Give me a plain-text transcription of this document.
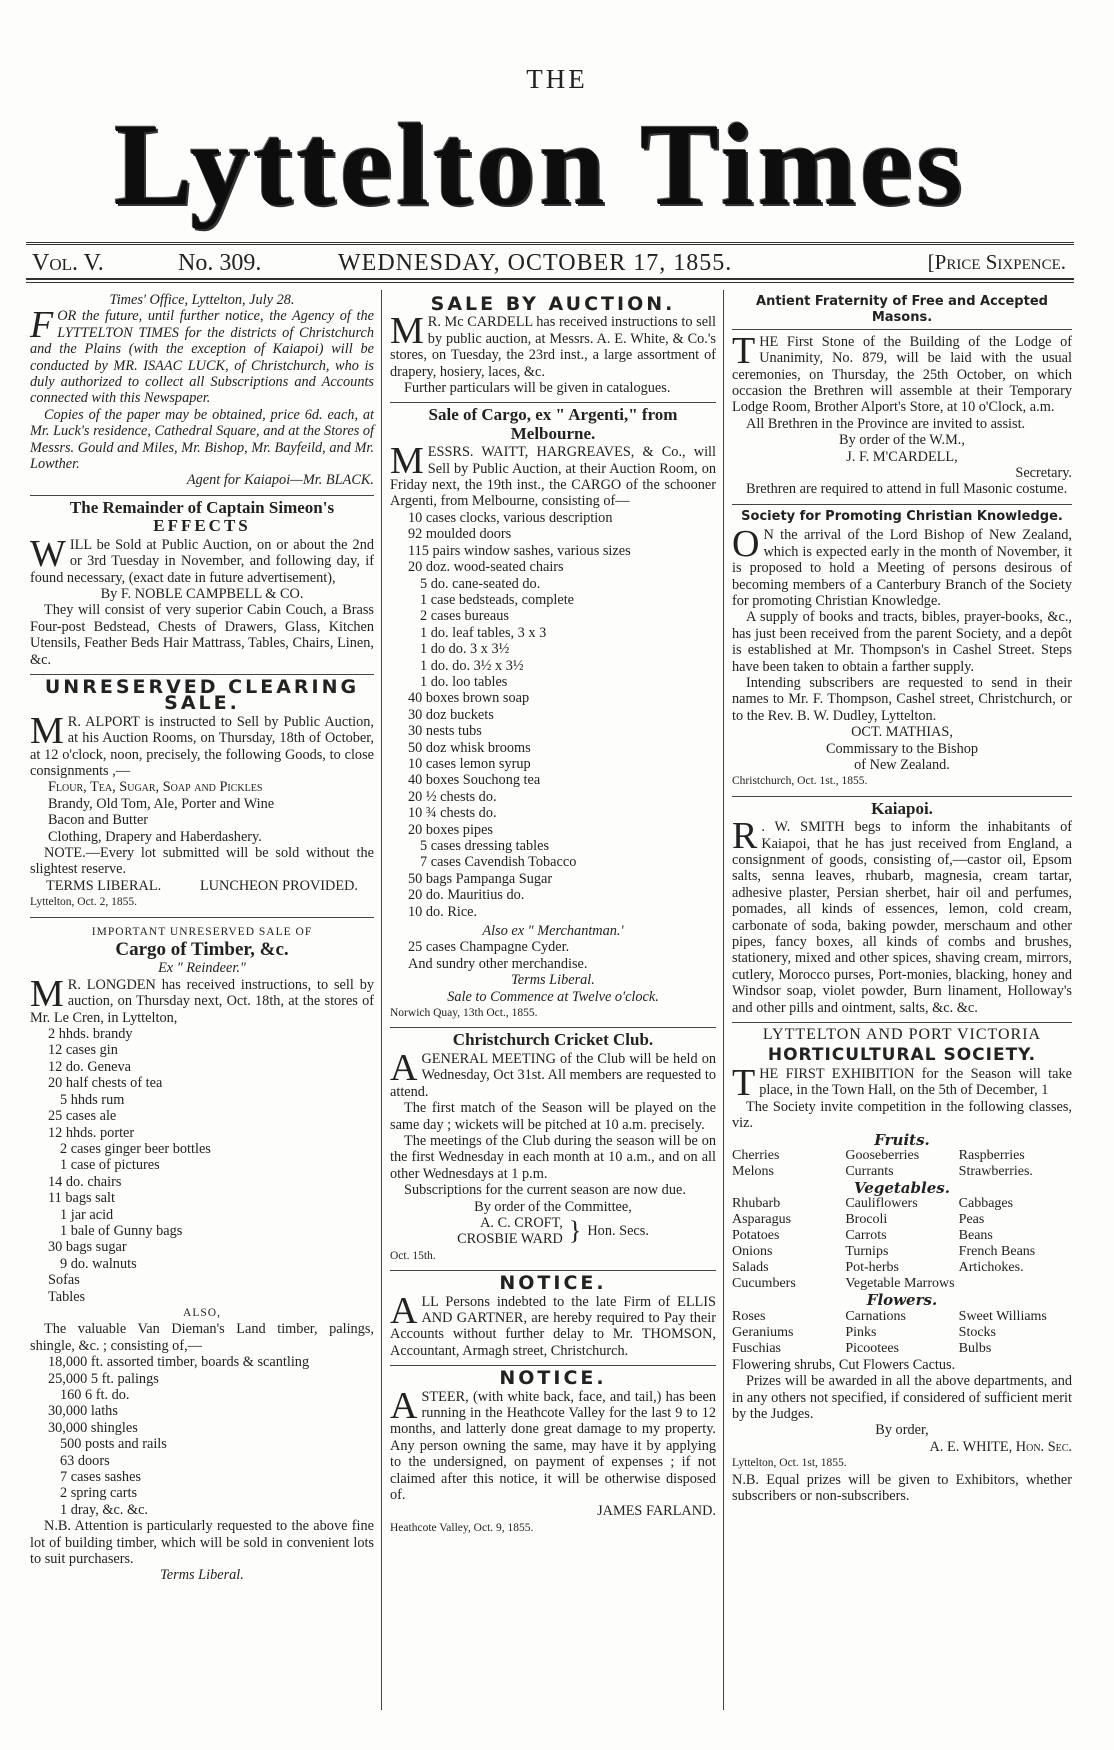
THE
Lyttelton Times
Vol. V.	No. 309.	WEDNESDAY, OCTOBER 17, 1855.	[Price Sixpence.

Times' Office, Lyttelton, July 28.

FOR the future, until further notice, the Agency of the LYTTELTON TIMES for the districts of Christchurch and the Plains (with the exception of Kaiapoi) will be conducted by MR. ISAAC LUCK, of Christchurch, who is duly authorized to collect all Subscriptions and Accounts connected with this Newspaper.

Copies of the paper may be obtained, price 6d. each, at Mr. Luck's residence, Cathedral Square, and at the Stores of Messrs. Gould and Miles, Mr. Bishop, Mr. Bayfeild, and Mr. Lowther.

Agent for Kaiapoi—Mr. BLACK.

The Remainder of Captain Simeon's

EFFECTS

WILL be Sold at Public Auction, on or about the 2nd or 3rd Tuesday in November, and following day, if found necessary, (exact date in future advertisement),

By F. NOBLE CAMPBELL & CO.

They will consist of very superior Cabin Couch, a Brass Four-post Bedstead, Chests of Drawers, Glass, Kitchen Utensils, Feather Beds Hair Mattrass, Tables, Chairs, Linen, &c.

UNRESERVED CLEARING SALE.

M R. ALPORT is instructed to Sell by Public Auction, at his Auction Rooms, on Thursday, 18th of October, at 12 o'clock, noon, precisely, the following Goods, to close consignments ,—

Flour, Tea, Sugar, Soap and Pickles

Brandy, Old Tom, Ale, Porter and Wine

Bacon and Butter

Clothing, Drapery and Haberdashery.

NOTE.—Every lot submitted will be sold without the slightest reserve.

TERMS LIBERAL.	LUNCHEON PROVIDED.

Lyttelton, Oct. 2, 1855.

IMPORTANT UNRESERVED SALE OF

Cargo of Timber, &c.

Ex " Reindeer."

M R. LONGDEN has received instructions, to sell by auction, on Thursday next, Oct. 18th, at the stores of Mr. Le Cren, in Lyttelton,

2 hhds. brandy

12 cases gin

12 do. Geneva

20 half chests of tea

5 hhds rum

25 cases ale

12 hhds. porter

2 cases ginger beer bottles

1 case of pictures

14 do. chairs

11 bags salt

1 jar acid

1 bale of Gunny bags

30 bags sugar

9 do. walnuts

Sofas

Tables

ALSO,

The valuable Van Dieman's Land timber, palings, shingle, &c. ; consisting of,—

18,000 ft. assorted timber, boards & scantling

25,000 5 ft. palings

160 6 ft. do.

30,000 laths

30,000 shingles

500 posts and rails

63 doors

7 cases sashes

2 spring carts

1 dray, &c. &c.

N.B. Attention is particularly requested to the above fine lot of building timber, which will be sold in convenient lots to suit purchasers.

Terms Liberal.

SALE BY AUCTION.

M R. Mc CARDELL has received instructions to sell by public auction, at Messrs. A. E. White, & Co.'s stores, on Tuesday, the 23rd inst., a large assortment of drapery, hosiery, laces, &c.

Further particulars will be given in catalogues.

Sale of Cargo, ex " Argenti," from

Melbourne.

MESSRS. WAITT, HARGREAVES, & Co., will Sell by Public Auction, at their Auction Room, on Friday next, the 19th inst., the CARGO of the schooner Argenti, from Melbourne, consisting of—

10 cases clocks, various description

92 moulded doors

115 pairs window sashes, various sizes

20 doz. wood-seated chairs

5 do. cane-seated do.

1 case bedsteads, complete

2 cases bureaus

1 do. leaf tables, 3 x 3

1 do do. 3 x 3½

1 do. do. 3½ x 3½

1 do. loo tables

40 boxes brown soap

30 doz buckets

30 nests tubs

50 doz whisk brooms

10 cases lemon syrup

40 boxes Souchong tea

20 ½ chests do.

10 ¾ chests do.

20 boxes pipes

5 cases dressing tables

7 cases Cavendish Tobacco

50 bags Pampanga Sugar

20 do. Mauritius do.

10 do. Rice.

Also ex " Merchantman.'

25 cases Champagne Cyder.

And sundry other merchandise.

Terms Liberal.

Sale to Commence at Twelve o'clock.

Norwich Quay, 13th Oct., 1855.

Christchurch Cricket Club.

AGENERAL MEETING of the Club will be held on Wednesday, Oct 31st. All members are requested to attend.

The first match of the Season will be played on the same day ; wickets will be pitched at 10 a.m. precisely.

The meetings of the Club during the season will be on the first Wednesday in each month at 10 a.m., and on all other Wednesdays at 1 p.m.

Subscriptions for the current season are now due.

By order of the Committee,

A. C. CROFT,
CROSBIE WARD } Hon. Secs.

Oct. 15th.

NOTICE.

ALL Persons indebted to the late Firm of ELLIS AND GARTNER, are hereby required to Pay their Accounts without further delay to Mr. THOMSON, Accountant, Armagh street, Christchurch.

NOTICE.

ASTEER, (with white back, face, and tail,) has been running in the Heathcote Valley for the last 9 to 12 months, and latterly done great damage to my property. Any person owning the same, may have it by applying to the undersigned, on payment of expenses ; if not claimed after this notice, it will be otherwise disposed of.

JAMES FARLAND.

Heathcote Valley, Oct. 9, 1855.

Antient Fraternity of Free and Accepted Masons.

THE First Stone of the Building of the Lodge of Unanimity, No. 879, will be laid with the usual ceremonies, on Thursday, the 25th October, on which occasion the Brethren will assemble at their Temporary Lodge Room, Brother Alport's Store, at 10 o'Clock, a.m.

All Brethren in the Province are invited to assist.

By order of the W.M.,

J. F. M'CARDELL,

Secretary.

Brethren are required to attend in full Masonic costume.

Society for Promoting Christian Knowledge.

O N the arrival of the Lord Bishop of New Zealand, which is expected early in the month of November, it is proposed to hold a Meeting of persons desirous of becoming members of a Canterbury Branch of the Society for promoting Christian Knowledge.

A supply of books and tracts, bibles, prayer-books, &c., has just been received from the parent Society, and a depôt is established at Mr. Thompson's in Cashel Street. Steps have been taken to obtain a farther supply.

Intending subscribers are requested to send in their names to Mr. F. Thompson, Cashel street, Christchurch, or to the Rev. B. W. Dudley, Lyttelton.

OCT. MATHIAS,

Commissary to the Bishop

of New Zealand.

Christchurch, Oct. 1st., 1855.

Kaiapoi.

R . W. SMITH begs to inform the inhabitants of Kaiapoi, that he has just received from England, a consignment of goods, consisting of,—castor oil, Epsom salts, senna leaves, rhubarb, magnesia, cream tartar, adhesive plaster, Persian sherbet, hair oil and perfumes, pomades, all kinds of essences, lemon, cold cream, carbonate of soda, baking powder, merschaum and other pipes, fancy boxes, all kinds of combs and brushes, stationery, mixed and other spices, shaving cream, mirrors, cutlery, Morocco purses, Port-monies, blacking, honey and Windsor soap, violet powder, Burn linament, Holloway's and other pills and ointment, salts, &c. &c.

LYTTELTON AND PORT VICTORIA

HORTICULTURAL SOCIETY.

THE FIRST EXHIBITION for the Season will take place, in the Town Hall, on the 5th of December, 1

The Society invite competition in the following classes, viz.

Fruits.

Cherries	Gooseberries	Raspberries
Melons	Currants	Strawberries.

Vegetables.

Rhubarb	Cauliflowers	Cabbages
Asparagus	Brocoli	Peas
Potatoes	Carrots	Beans
Onions	Turnips	French Beans
Salads	Pot-herbs	Artichokes.
Cucumbers	Vegetable Marrows

Flowers.

Roses	Carnations	Sweet Williams
Geraniums	Pinks	Stocks
Fuschias	Picootees	Bulbs

Flowering shrubs, Cut Flowers Cactus.

Prizes will be awarded in all the above departments, and in any others not specified, if considered of sufficient merit by the Judges.

By order,

A. E. WHITE, Hon. Sec.

Lyttelton, Oct. 1st, 1855.

N.B. Equal prizes will be given to Exhibitors, whether subscribers or non-subscribers.
